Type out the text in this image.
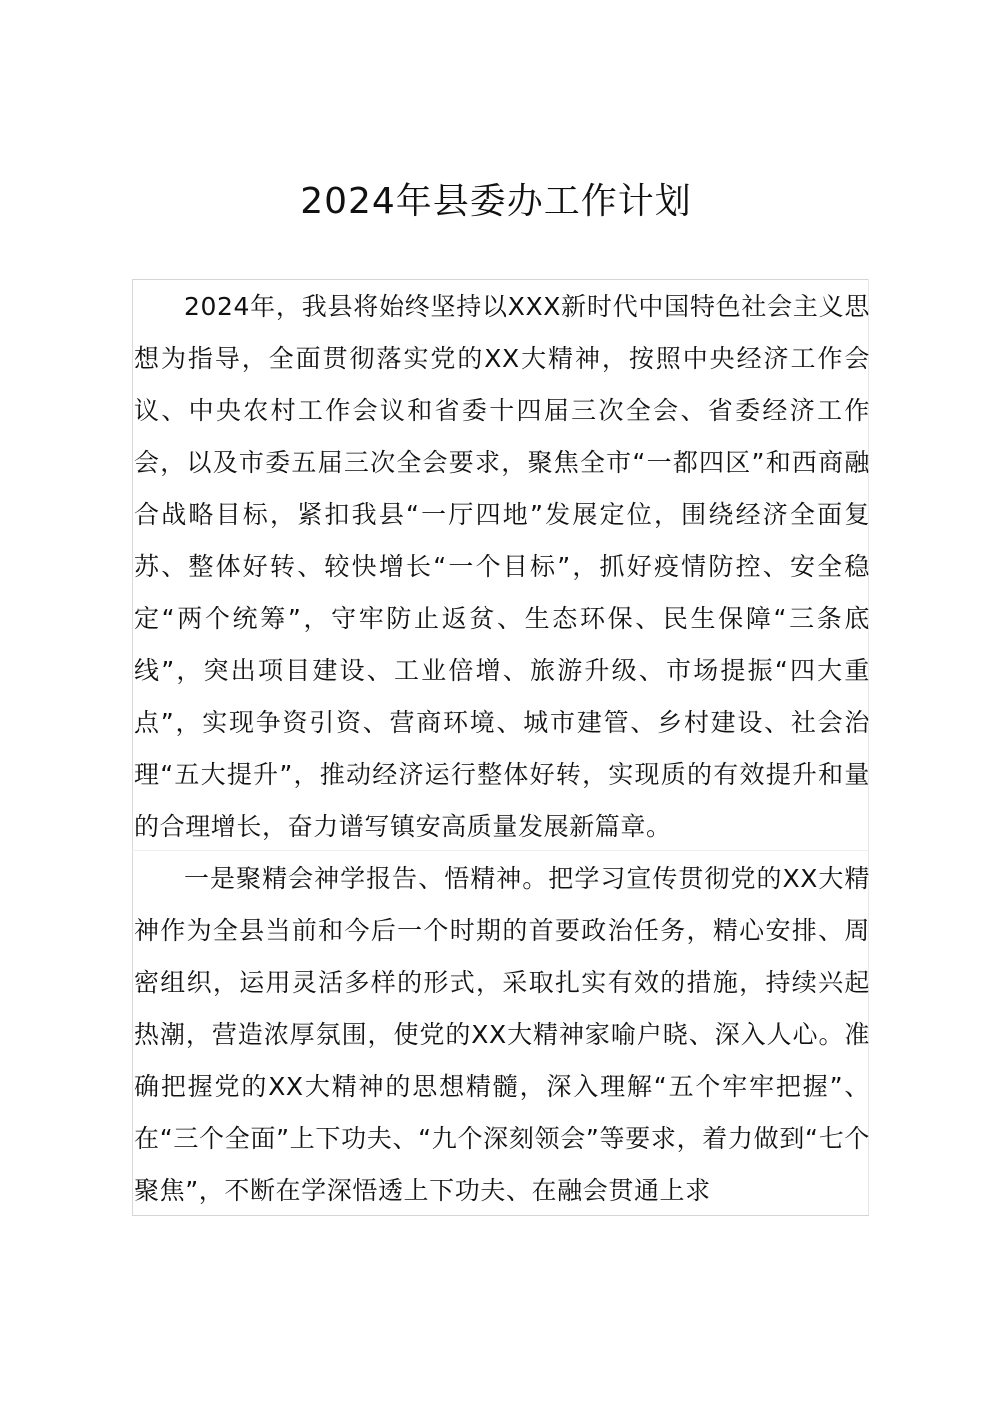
2024年县委办工作计划

2024年，我县将始终坚持以XXX新时代中国特色社会主义思想为指导，全面贯彻落实党的XX大精神，按照中央经济工作会议、中央农村工作会议和省委十四届三次全会、省委经济工作会，以及市委五届三次全会要求，聚焦全市“一都四区”和西商融合战略目标，紧扣我县“一厅四地”发展定位，围绕经济全面复苏、整体好转、较快增长“一个目标”，抓好疫情防控、安全稳定“两个统筹”，守牢防止返贫、生态环保、民生保障“三条底线”，突出项目建设、工业倍增、旅游升级、市场提振“四大重点”，实现争资引资、营商环境、城市建管、乡村建设、社会治理“五大提升”，推动经济运行整体好转，实现质的有效提升和量的合理增长，奋力谱写镇安高质量发展新篇章。

一是聚精会神学报告、悟精神。把学习宣传贯彻党的XX大精神作为全县当前和今后一个时期的首要政治任务，精心安排、周密组织，运用灵活多样的形式，采取扎实有效的措施，持续兴起热潮，营造浓厚氛围，使党的XX大精神家喻户晓、深入人心。准确把握党的XX大精神的思想精髓，深入理解“五个牢牢把握”、在“三个全面”上下功夫、“九个深刻领会”等要求，着力做到“七个聚焦”，不断在学深悟透上下功夫、在融会贯通上求
